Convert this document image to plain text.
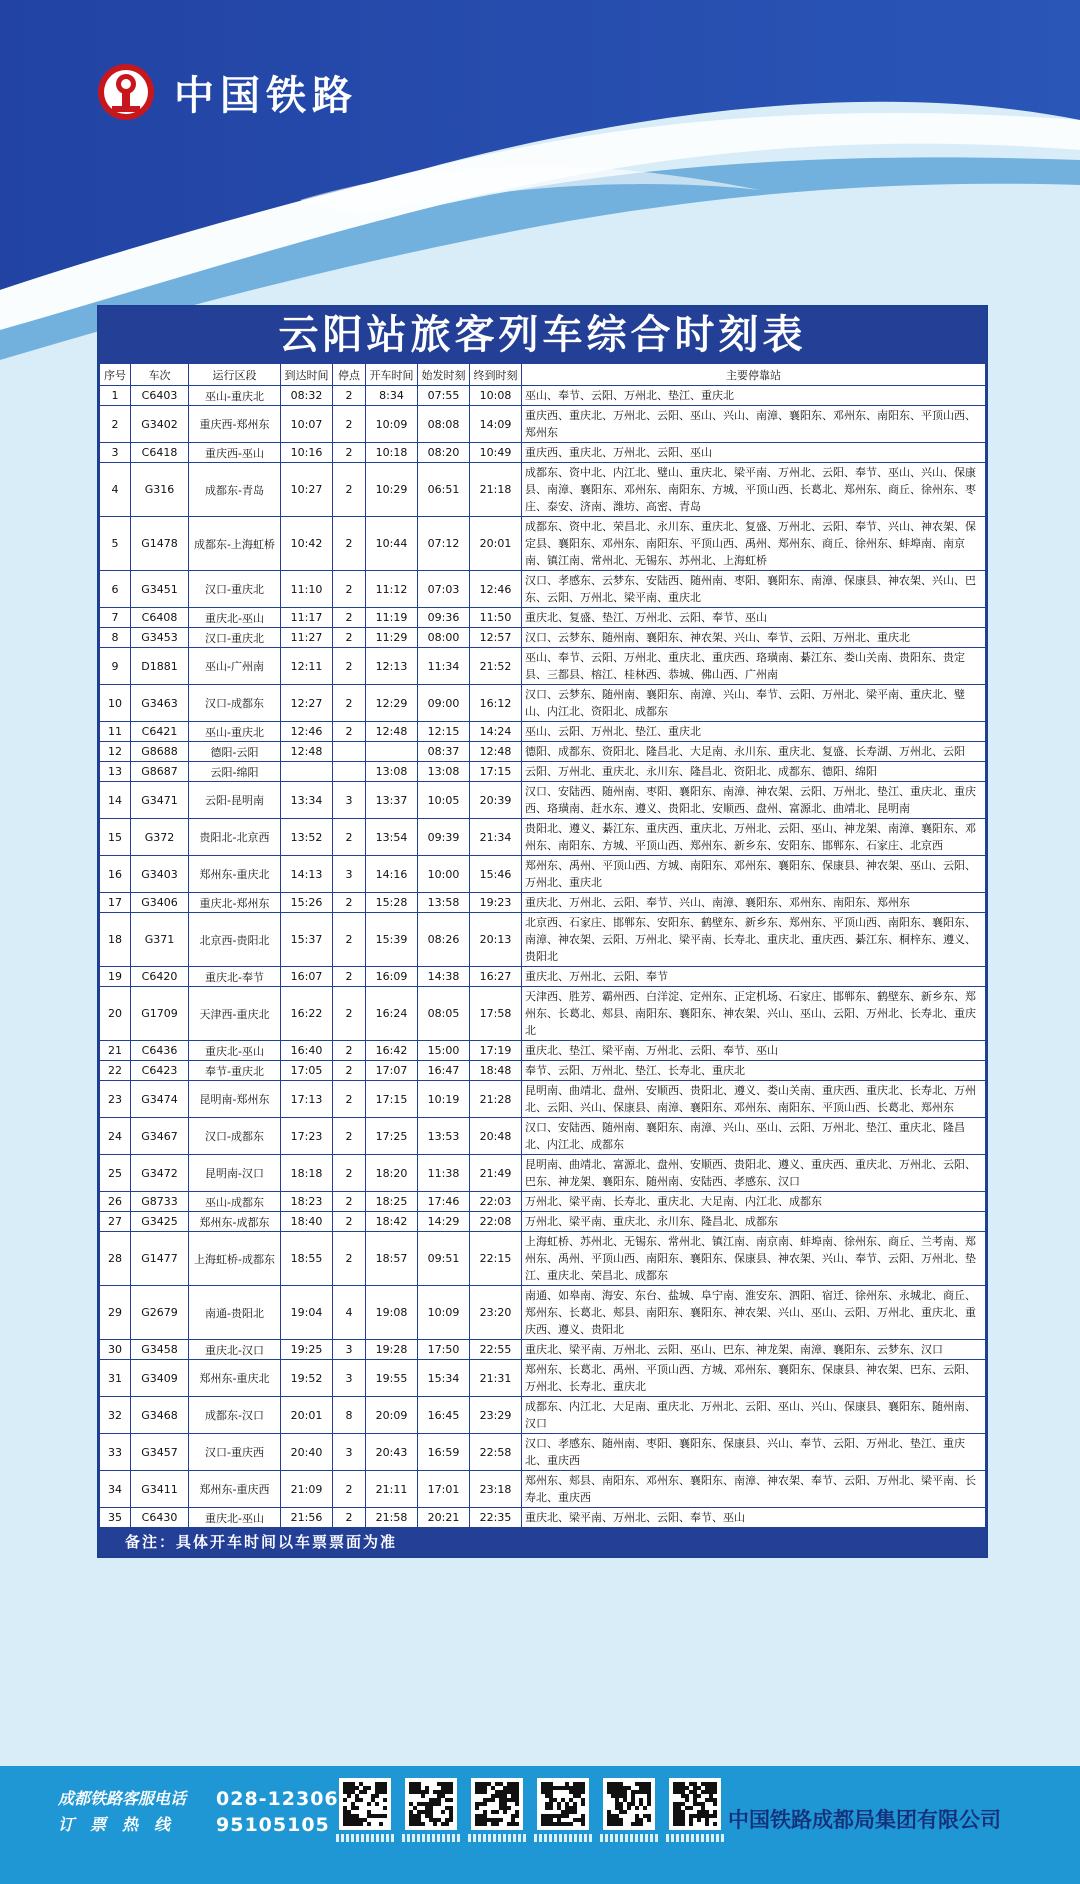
中国铁路
云阳站旅客列车综合时刻表
序号	车次	运行区段	到达时间	停点	开车时间	始发时刻	终到时刻	主要停靠站
1	C6403	巫山-重庆北	08:32	2	8:34	07:55	10:08	巫山、奉节、云阳、万州北、垫江、重庆北
2	G3402	重庆西-郑州东	10:07	2	10:09	08:08	14:09	重庆西、重庆北、万州北、云阳、巫山、兴山、南漳、襄阳东、邓州东、南阳东、平顶山西、郑州东
3	C6418	重庆西-巫山	10:16	2	10:18	08:20	10:49	重庆西、重庆北、万州北、云阳、巫山
4	G316	成都东-青岛	10:27	2	10:29	06:51	21:18	成都东、资中北、内江北、璧山、重庆北、梁平南、万州北、云阳、奉节、巫山、兴山、保康县、南漳、襄阳东、邓州东、南阳东、方城、平顶山西、长葛北、郑州东、商丘、徐州东、枣庄、泰安、济南、潍坊、高密、青岛
5	G1478	成都东-上海虹桥	10:42	2	10:44	07:12	20:01	成都东、资中北、荣昌北、永川东、重庆北、复盛、万州北、云阳、奉节、兴山、神农架、保定县、襄阳东、邓州东、南阳东、平顶山西、禹州、郑州东、商丘、徐州东、蚌埠南、南京南、镇江南、常州北、无锡东、苏州北、上海虹桥
6	G3451	汉口-重庆北	11:10	2	11:12	07:03	12:46	汉口、孝感东、云梦东、安陆西、随州南、枣阳、襄阳东、南漳、保康县、神农架、兴山、巴东、云阳、万州北、梁平南、重庆北
7	C6408	重庆北-巫山	11:17	2	11:19	09:36	11:50	重庆北、复盛、垫江、万州北、云阳、奉节、巫山
8	G3453	汉口-重庆北	11:27	2	11:29	08:00	12:57	汉口、云梦东、随州南、襄阳东、神农架、兴山、奉节、云阳、万州北、重庆北
9	D1881	巫山-广州南	12:11	2	12:13	11:34	21:52	巫山、奉节、云阳、万州北、重庆北、重庆西、珞璜南、綦江东、娄山关南、贵阳东、贵定县、三都县、榕江、桂林西、恭城、佛山西、广州南
10	G3463	汉口-成都东	12:27	2	12:29	09:00	16:12	汉口、云梦东、随州南、襄阳东、南漳、兴山、奉节、云阳、万州北、梁平南、重庆北、璧山、内江北、资阳北、成都东
11	C6421	巫山-重庆北	12:46	2	12:48	12:15	14:24	巫山、云阳、万州北、垫江、重庆北
12	G8688	德阳-云阳	12:48			08:37	12:48	德阳、成都东、资阳北、隆昌北、大足南、永川东、重庆北、复盛、长寿湖、万州北、云阳
13	G8687	云阳-绵阳			13:08	13:08	17:15	云阳、万州北、重庆北、永川东、隆昌北、资阳北、成都东、德阳、绵阳
14	G3471	云阳-昆明南	13:34	3	13:37	10:05	20:39	汉口、安陆西、随州南、枣阳、襄阳东、南漳、神农架、云阳、万州北、垫江、重庆北、重庆西、珞璜南、赶水东、遵义、贵阳北、安顺西、盘州、富源北、曲靖北、昆明南
15	G372	贵阳北-北京西	13:52	2	13:54	09:39	21:34	贵阳北、遵义、綦江东、重庆西、重庆北、万州北、云阳、巫山、神龙架、南漳、襄阳东、邓州东、南阳东、方城、平顶山西、郑州东、新乡东、安阳东、邯郸东、石家庄、北京西
16	G3403	郑州东-重庆北	14:13	3	14:16	10:00	15:46	郑州东、禹州、平顶山西、方城、南阳东、邓州东、襄阳东、保康县、神农架、巫山、云阳、万州北、重庆北
17	G3406	重庆北-郑州东	15:26	2	15:28	13:58	19:23	重庆北、万州北、云阳、奉节、兴山、南漳、襄阳东、邓州东、南阳东、郑州东
18	G371	北京西-贵阳北	15:37	2	15:39	08:26	20:13	北京西、石家庄、邯郸东、安阳东、鹤壁东、新乡东、郑州东、平顶山西、南阳东、襄阳东、南漳、神农架、云阳、万州北、梁平南、长寿北、重庆北、重庆西、綦江东、桐梓东、遵义、贵阳北
19	C6420	重庆北-奉节	16:07	2	16:09	14:38	16:27	重庆北、万州北、云阳、奉节
20	G1709	天津西-重庆北	16:22	2	16:24	08:05	17:58	天津西、胜芳、霸州西、白洋淀、定州东、正定机场、石家庄、邯郸东、鹤壁东、新乡东、郑州东、长葛北、郏县、南阳东、襄阳东、神农架、兴山、巫山、云阳、万州北、长寿北、重庆北
21	C6436	重庆北-巫山	16:40	2	16:42	15:00	17:19	重庆北、垫江、梁平南、万州北、云阳、奉节、巫山
22	C6423	奉节-重庆北	17:05	2	17:07	16:47	18:48	奉节、云阳、万州北、垫江、长寿北、重庆北
23	G3474	昆明南-郑州东	17:13	2	17:15	10:19	21:28	昆明南、曲靖北、盘州、安顺西、贵阳北、遵义、娄山关南、重庆西、重庆北、长寿北、万州北、云阳、兴山、保康县、南漳、襄阳东、邓州东、南阳东、平顶山西、长葛北、郑州东
24	G3467	汉口-成都东	17:23	2	17:25	13:53	20:48	汉口、安陆西、随州南、襄阳东、南漳、兴山、巫山、云阳、万州北、垫江、重庆北、隆昌北、内江北、成都东
25	G3472	昆明南-汉口	18:18	2	18:20	11:38	21:49	昆明南、曲靖北、富源北、盘州、安顺西、贵阳北、遵义、重庆西、重庆北、万州北、云阳、巴东、神龙架、襄阳东、随州南、安陆西、孝感东、汉口
26	G8733	巫山-成都东	18:23	2	18:25	17:46	22:03	万州北、梁平南、长寿北、重庆北、大足南、内江北、成都东
27	G3425	郑州东-成都东	18:40	2	18:42	14:29	22:08	万州北、梁平南、重庆北、永川东、隆昌北、成都东
28	G1477	上海虹桥-成都东	18:55	2	18:57	09:51	22:15	上海虹桥、苏州北、无锡东、常州北、镇江南、南京南、蚌埠南、徐州东、商丘、兰考南、郑州东、禹州、平顶山西、南阳东、襄阳东、保康县、神农架、兴山、奉节、云阳、万州北、垫江、重庆北、荣昌北、成都东
29	G2679	南通-贵阳北	19:04	4	19:08	10:09	23:20	南通、如皋南、海安、东台、盐城、阜宁南、淮安东、泗阳、宿迁、徐州东、永城北、商丘、郑州东、长葛北、郏县、南阳东、襄阳东、神农架、兴山、巫山、云阳、万州北、重庆北、重庆西、遵义、贵阳北
30	G3458	重庆北-汉口	19:25	3	19:28	17:50	22:55	重庆北、梁平南、万州北、云阳、巫山、巴东、神龙架、南漳、襄阳东、云梦东、汉口
31	G3409	郑州东-重庆北	19:52	3	19:55	15:34	21:31	郑州东、长葛北、禹州、平顶山西、方城、邓州东、襄阳东、保康县、神农架、巴东、云阳、万州北、长寿北、重庆北
32	G3468	成都东-汉口	20:01	8	20:09	16:45	23:29	成都东、内江北、大足南、重庆北、万州北、云阳、巫山、兴山、保康县、襄阳东、随州南、汉口
33	G3457	汉口-重庆西	20:40	3	20:43	16:59	22:58	汉口、孝感东、随州南、枣阳、襄阳东、保康县、兴山、奉节、云阳、万州北、垫江、重庆北、重庆西
34	G3411	郑州东-重庆西	21:09	2	21:11	17:01	23:18	郑州东、郏县、南阳东、邓州东、襄阳东、南漳、神农架、奉节、云阳、万州北、梁平南、长寿北、重庆西
35	C6430	重庆北-巫山	21:56	2	21:58	20:21	22:35	重庆北、梁平南、万州北、云阳、奉节、巫山
备注：具体开车时间以车票票面为准
成都铁路客服电话
订　票　热　线
028-12306
95105105	中国铁路成都局集团有限公司
